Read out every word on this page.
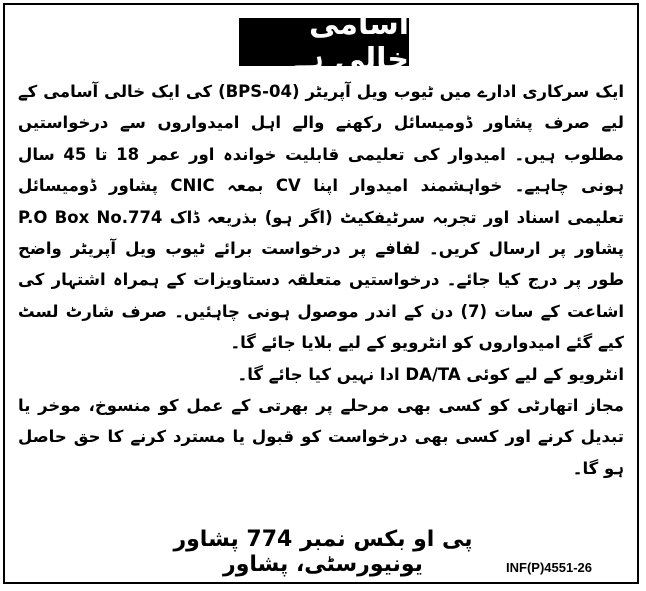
اسامی خالی ہے

ایک سرکاری ادارے میں ٹیوب ویل آپریٹر (BPS-04) کی ایک خالی آسامی کے لیے صرف پشاور ڈومیسائل رکھنے والے اہل امیدواروں سے درخواستیں مطلوب ہیں۔ امیدوار کی تعلیمی قابلیت خواندہ اور عمر 18 تا 45 سال ہونی چاہیے۔ خواہشمند امیدوار اپنا CV بمعہ CNIC پشاور ڈومیسائل تعلیمی اسناد اور تجربہ سرٹیفکیٹ (اگر ہو) بذریعہ ڈاک P.O Box No.774 پشاور پر ارسال کریں۔ لفافے پر درخواست برائے ٹیوب ویل آپریٹر واضح طور پر درج کیا جائے۔ درخواستیں متعلقہ دستاویزات کے ہمراہ اشتہار کی اشاعت کے سات (7) دن کے اندر موصول ہونی چاہئیں۔ صرف شارٹ لسٹ کیے گئے امیدواروں کو انٹرویو کے لیے بلایا جائے گا۔

انٹرویو کے لیے کوئی DA/TA ادا نہیں کیا جائے گا۔

مجاز اتھارٹی کو کسی بھی مرحلے پر بھرتی کے عمل کو منسوخ، موخر یا تبدیل کرنے اور کسی بھی درخواست کو قبول یا مسترد کرنے کا حق حاصل ہو گا۔

پی او بکس نمبر 774 پشاور یونیورسٹی، پشاور	INF(P)4551-26
